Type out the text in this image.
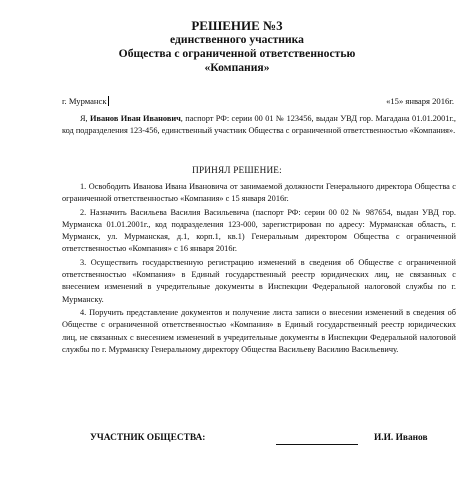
РЕШЕНИЕ №3
единственного участника
Общества с ограниченной ответственностью
«Компания»
г. Мурманск	«15» января 2016г.

Я, Иванов Иван Иванович, паспорт РФ: серии 00 01 № 123456, выдан УВД гор. Магадана 01.01.2001г., код подразделения 123-456, единственный участник Общества с ограниченной ответственностью «Компания».

ПРИНЯЛ РЕШЕНИЕ:

1. Освободить Иванова Ивана Ивановича от занимаемой должности Генерального директора Общества с ограниченной ответственностью «Компания» с 15 января 2016г.

2. Назначить Васильева Василия Васильевича (паспорт РФ: серии 00 02 № 987654, выдан УВД гор. Мурманска 01.01.2001г., код подразделения 123-000, зарегистрирован по адресу: Мурманская область, г. Мурманск, ул. Мурманская, д.1, корп.1, кв.1) Генеральным директором Общества с ограниченной ответственностью «Компания» с 16 января 2016г.

3. Осуществить государственную регистрацию изменений в сведения об Обществе с ограниченной ответственностью «Компания» в Единый государственный реестр юридических лиц, не связанных с внесением изменений в учредительные документы в Инспекции Федеральной налоговой службы по г. Мурманску.

4. Поручить представление документов и получение листа записи о внесении изменений в сведения об Обществе с ограниченной ответственностью «Компания» в Единый государственный реестр юридических лиц, не связанных с внесением изменений в учредительные документы в Инспекции Федеральной налоговой службы по г. Мурманску Генеральному директору Общества Васильеву Василию Васильевичу.

УЧАСТНИК ОБЩЕСТВА:	И.И. Иванов
